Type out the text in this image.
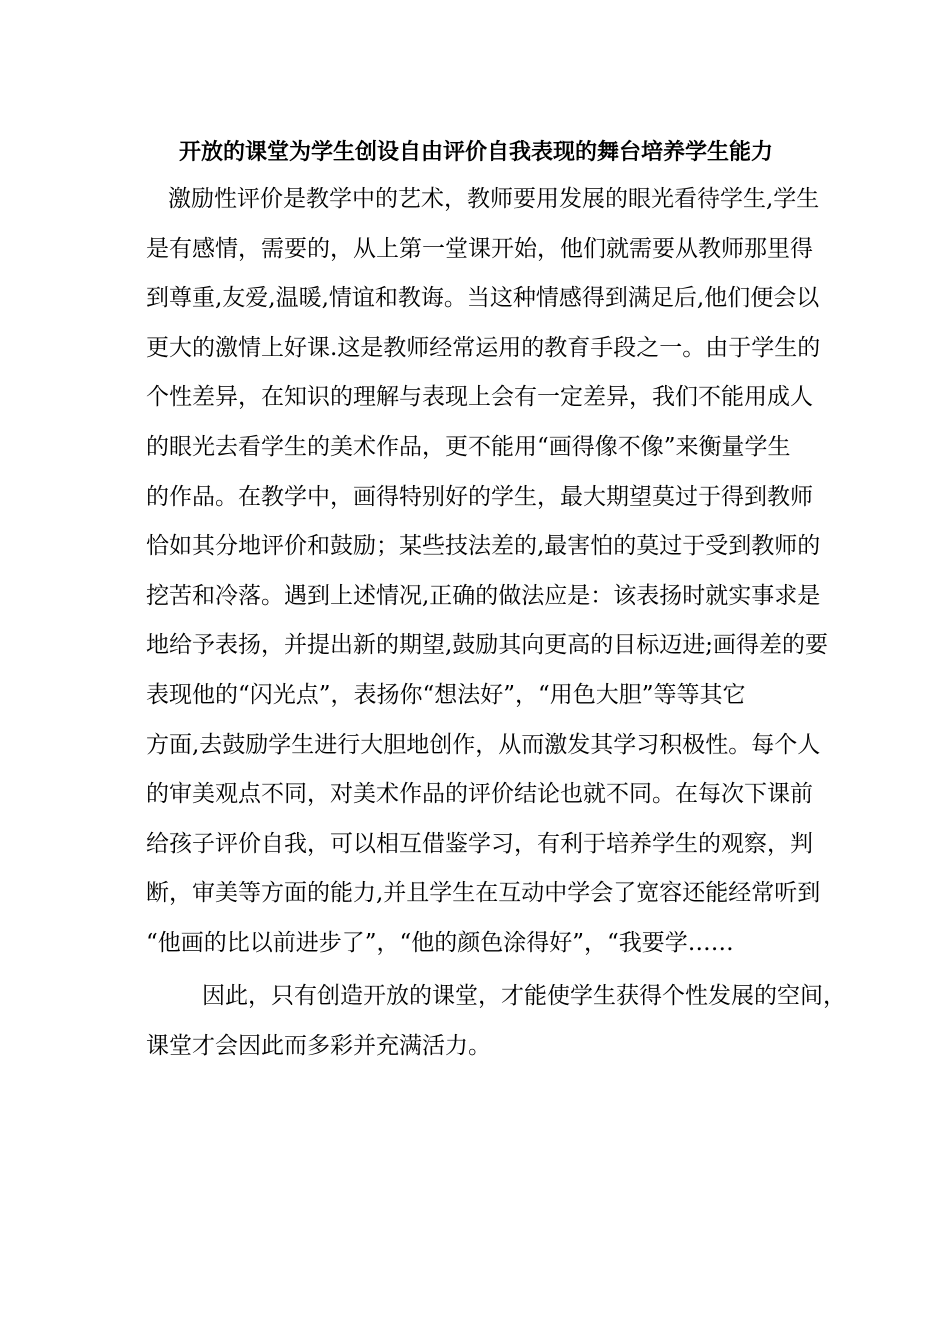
开放的课堂为学生创设自由评价自我表现的舞台培养学生能力

激励性评价是教学中的艺术，教师要用发展的眼光看待学生,学生

是有感情，需要的，从上第一堂课开始，他们就需要从教师那里得

到尊重,友爱,温暖,情谊和教诲。当这种情感得到满足后,他们便会以

更大的激情上好课.这是教师经常运用的教育手段之一。由于学生的

个性差异，在知识的理解与表现上会有一定差异，我们不能用成人

的眼光去看学生的美术作品，更不能用“画得像不像”来衡量学生

的作品。在教学中，画得特别好的学生，最大期望莫过于得到教师

恰如其分地评价和鼓励；某些技法差的,最害怕的莫过于受到教师的

挖苦和冷落。遇到上述情况,正确的做法应是：该表扬时就实事求是

地给予表扬，并提出新的期望,鼓励其向更高的目标迈进;画得差的要

表现他的“闪光点”，表扬你“想法好”，“用色大胆”等等其它

方面,去鼓励学生进行大胆地创作，从而激发其学习积极性。每个人

的审美观点不同，对美术作品的评价结论也就不同。在每次下课前

给孩子评价自我，可以相互借鉴学习，有利于培养学生的观察，判

断，审美等方面的能力,并且学生在互动中学会了宽容还能经常听到

“他画的比以前进步了”，“他的颜色涂得好”，“我要学……

因此，只有创造开放的课堂，才能使学生获得个性发展的空间，

课堂才会因此而多彩并充满活力。
